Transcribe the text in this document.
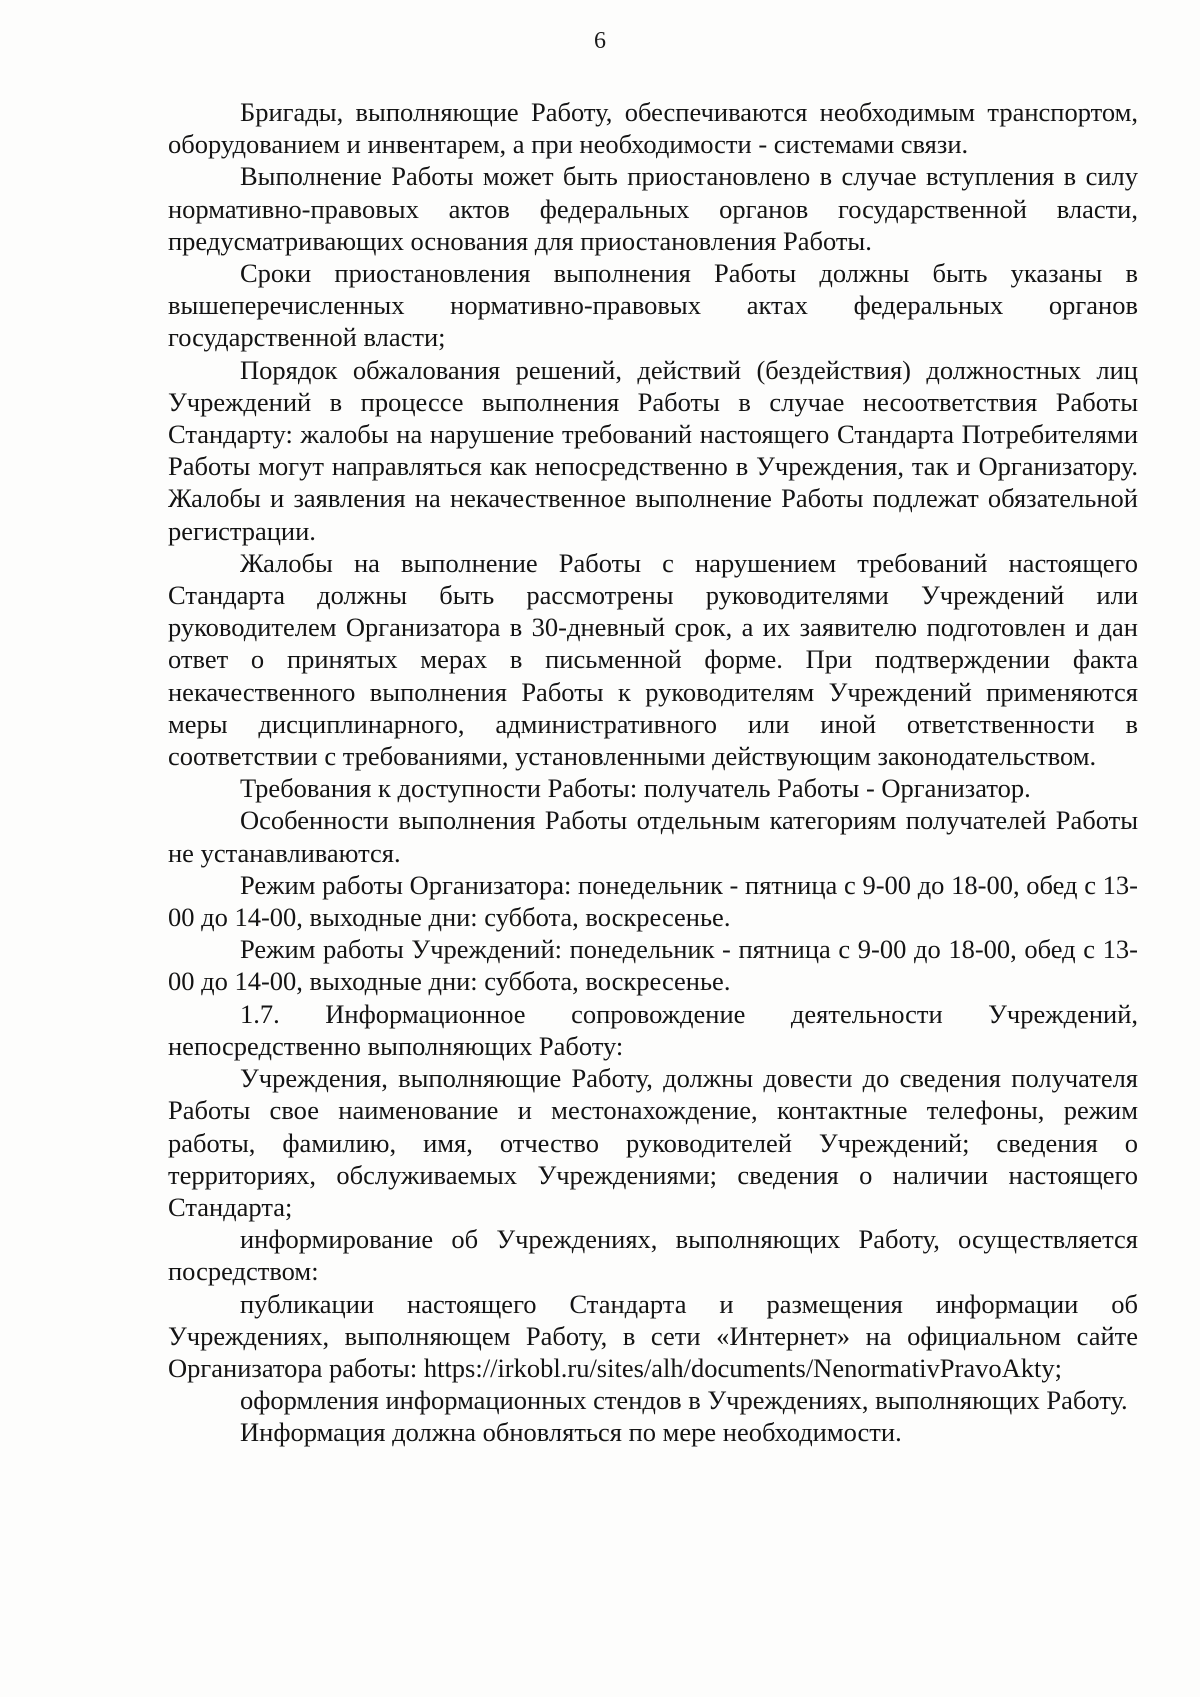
6

Бригады, выполняющие Работу, обеспечиваются необходимым транспортом, оборудованием и инвентарем, а при необходимости - системами связи.

Выполнение Работы может быть приостановлено в случае вступления в силу нормативно-правовых актов федеральных органов государственной власти, предусматривающих основания для приостановления Работы.

Сроки приостановления выполнения Работы должны быть указаны в вышеперечисленных нормативно-правовых актах федеральных органов государственной власти;

Порядок обжалования решений, действий (бездействия) должностных лиц Учреждений в процессе выполнения Работы в случае несоответствия Работы Стандарту: жалобы на нарушение требований настоящего Стандарта Потребителями Работы могут направляться как непосредственно в Учреждения, так и Организатору. Жалобы и заявления на некачественное выполнение Работы подлежат обязательной регистрации.

Жалобы на выполнение Работы с нарушением требований настоящего Стандарта должны быть рассмотрены руководителями Учреждений или руководителем Организатора в 30-дневный срок, а их заявителю подготовлен и дан ответ о принятых мерах в письменной форме. При подтверждении факта некачественного выполнения Работы к руководителям Учреждений применяются меры дисциплинарного, административного или иной ответственности в соответствии с требованиями, установленными действующим законодательством.

Требования к доступности Работы: получатель Работы - Организатор.

Особенности выполнения Работы отдельным категориям получателей Работы не устанавливаются.

Режим работы Организатора: понедельник - пятница с 9-00 до 18-00, обед с 13-00 до 14-00, выходные дни: суббота, воскресенье.

Режим работы Учреждений: понедельник - пятница с 9-00 до 18-00, обед с 13-00 до 14-00, выходные дни: суббота, воскресенье.

1.7. Информационное сопровождение деятельности Учреждений, непосредственно выполняющих Работу:

Учреждения, выполняющие Работу, должны довести до сведения получателя Работы свое наименование и местонахождение, контактные телефоны, режим работы, фамилию, имя, отчество руководителей Учреждений; сведения о территориях, обслуживаемых Учреждениями; сведения о наличии настоящего Стандарта;

информирование об Учреждениях, выполняющих Работу, осуществляется посредством:

публикации настоящего Стандарта и размещения информации об Учреждениях, выполняющем Работу, в сети «Интернет» на официальном сайте Организатора работы: https://irkobl.ru/sites/alh/documents/NenormativPravoAkty;

оформления информационных стендов в Учреждениях, выполняющих Работу.

Информация должна обновляться по мере необходимости.
